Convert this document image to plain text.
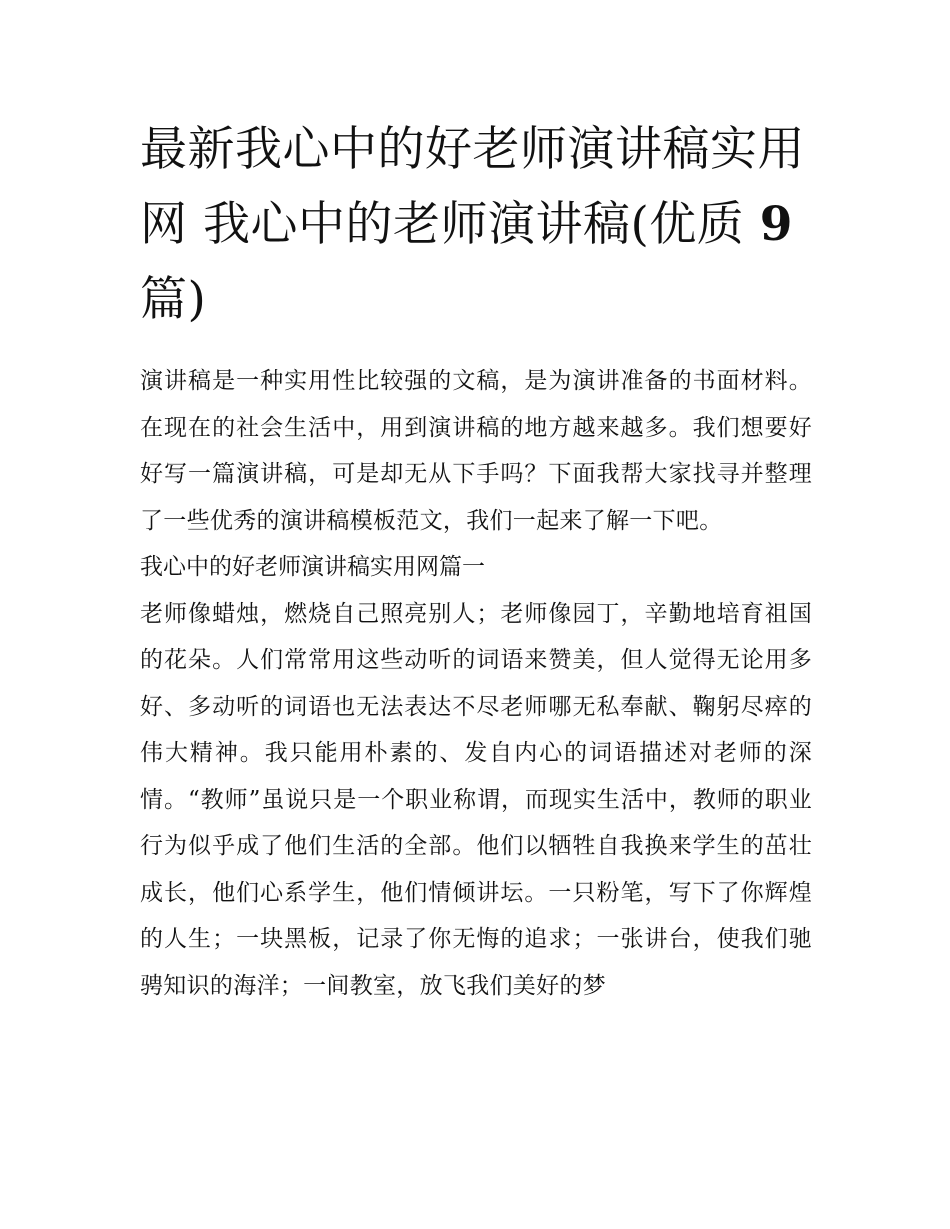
最新我心中的好老师演讲稿实用网 我心中的老师演讲稿(优质 9 篇)

演讲稿是一种实用性比较强的文稿，是为演讲准备的书面材料。在现在的社会生活中，用到演讲稿的地方越来越多。我们想要好好写一篇演讲稿，可是却无从下手吗？下面我帮大家找寻并整理了一些优秀的演讲稿模板范文，我们一起来了解一下吧。

我心中的好老师演讲稿实用网篇一

老师像蜡烛，燃烧自己照亮别人；老师像园丁，辛勤地培育祖国的花朵。人们常常用这些动听的词语来赞美，但人觉得无论用多好、多动听的词语也无法表达不尽老师哪无私奉献、鞠躬尽瘁的伟大精神。我只能用朴素的、发自内心的词语描述对老师的深情。“教师”虽说只是一个职业称谓，而现实生活中，教师的职业行为似乎成了他们生活的全部。他们以牺牲自我换来学生的茁壮成长，他们心系学生，他们情倾讲坛。一只粉笔，写下了你辉煌的人生；一块黑板，记录了你无悔的追求；一张讲台，使我们驰骋知识的海洋；一间教室，放飞我们美好的梦
